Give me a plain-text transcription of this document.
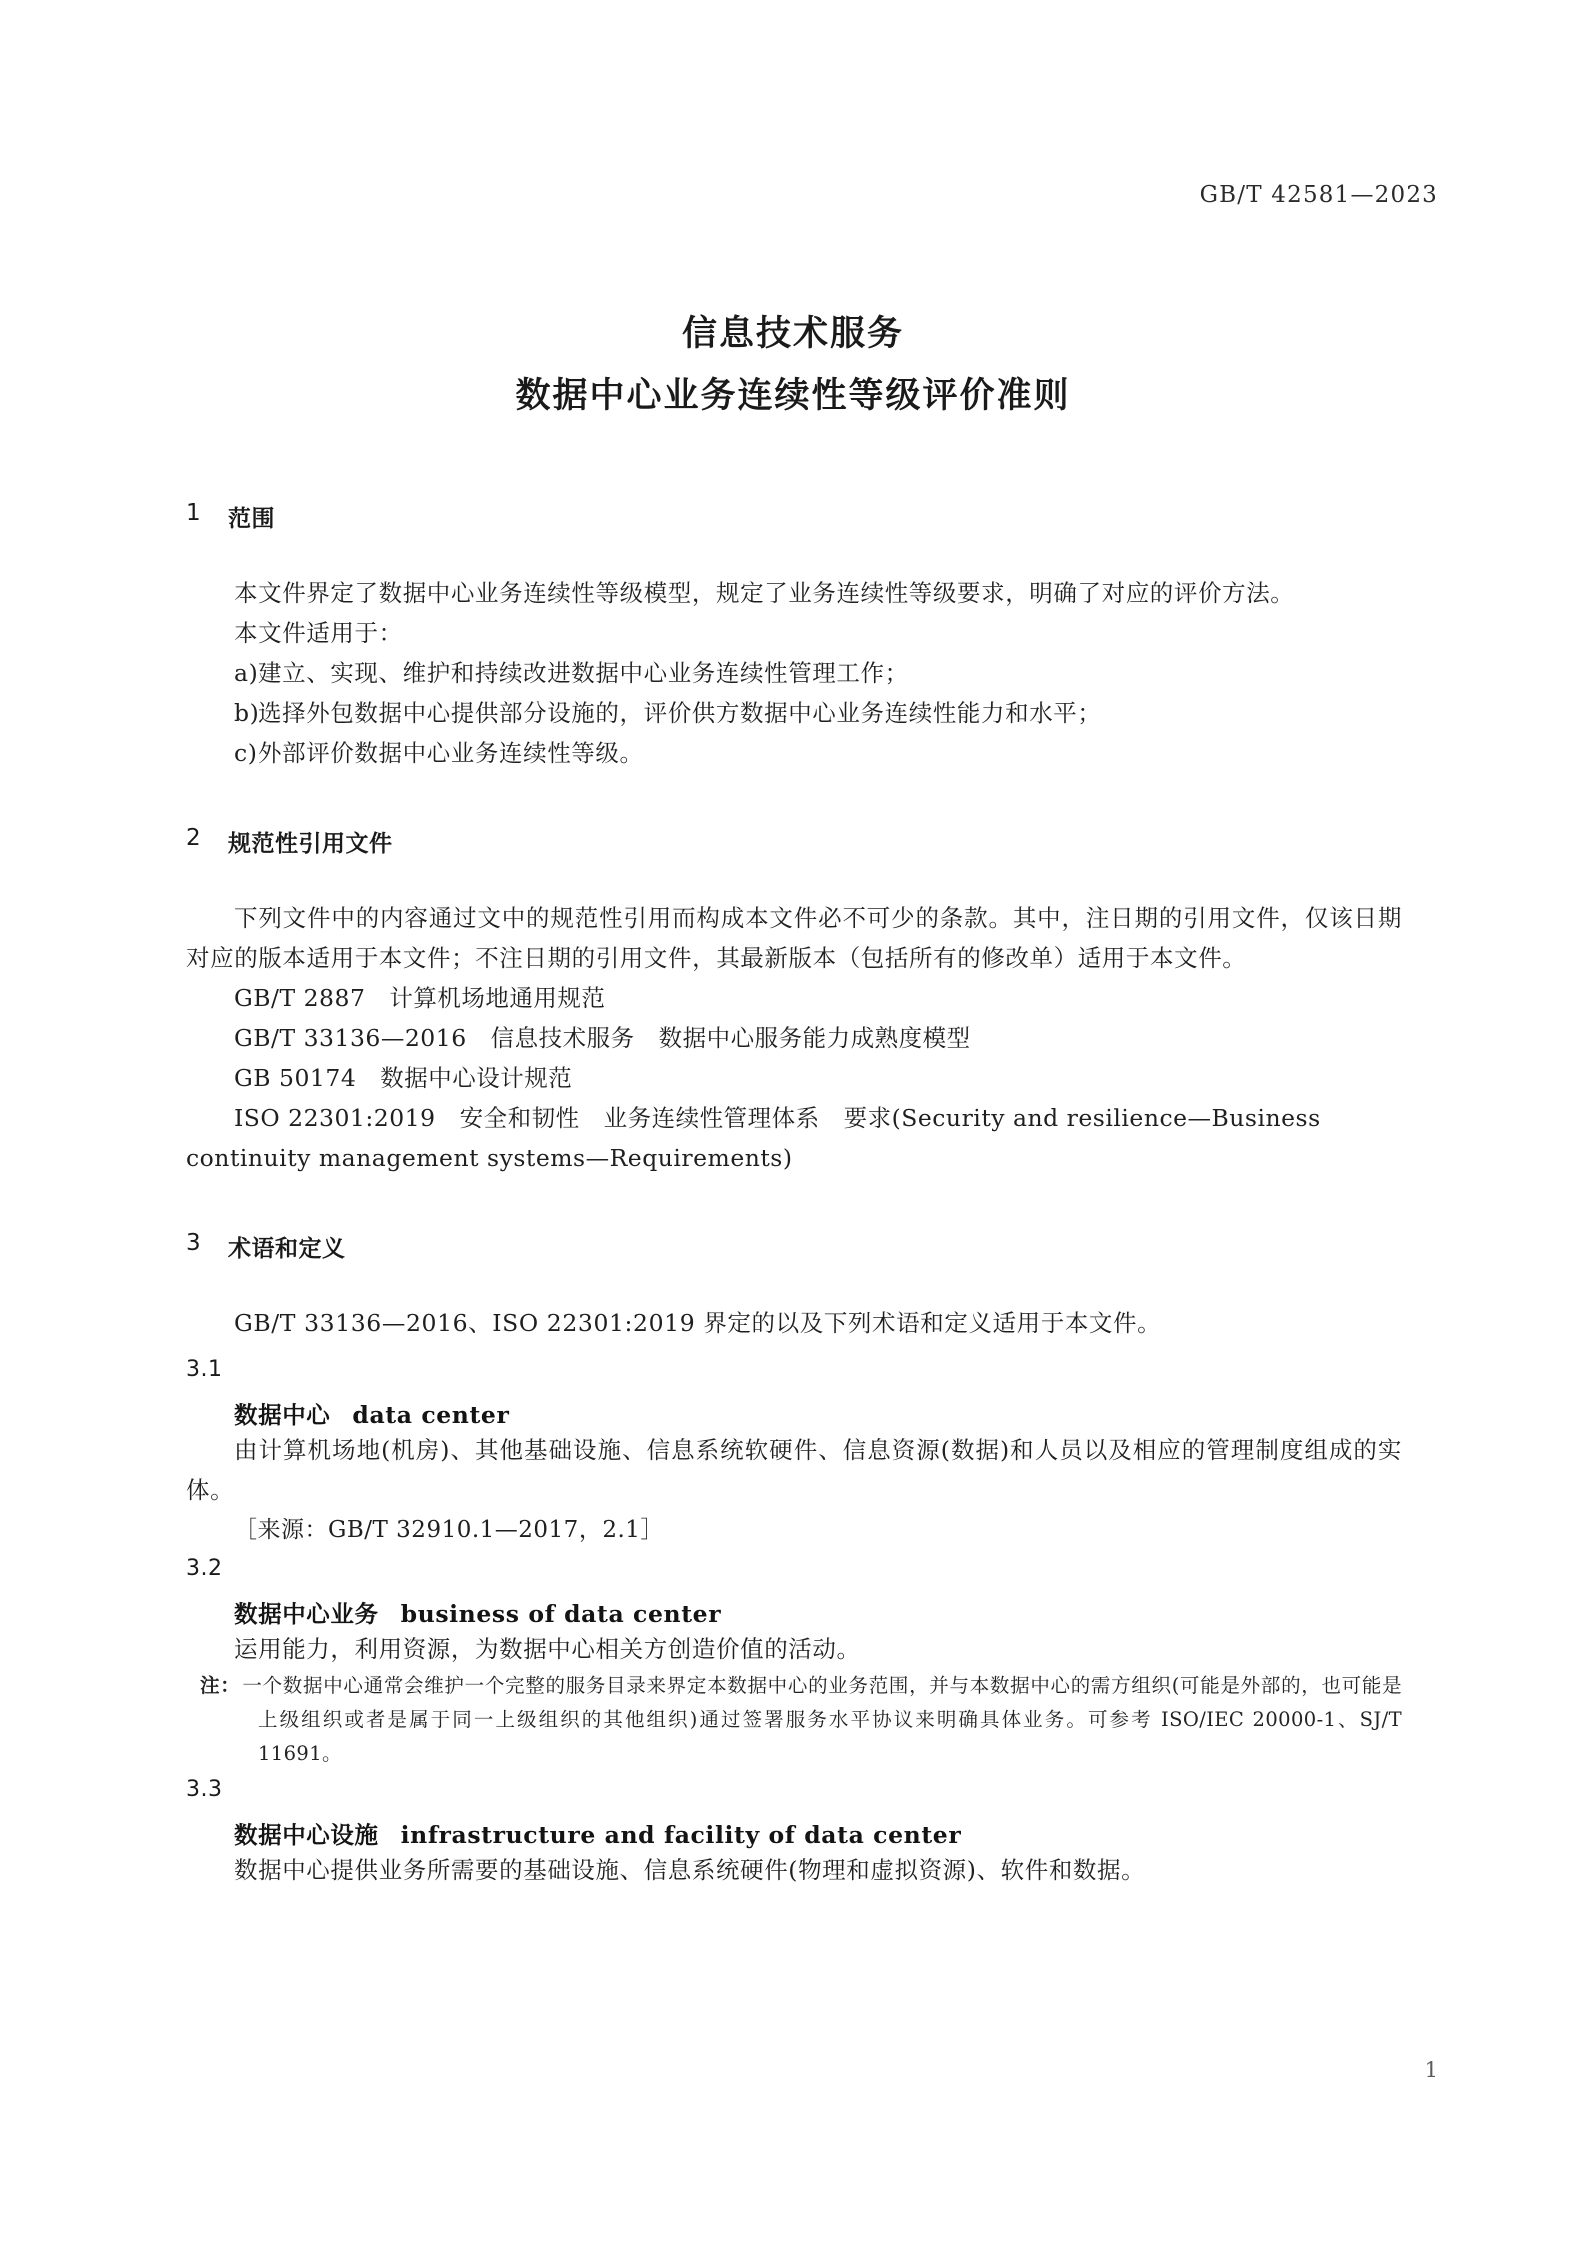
GB/T 42581—2023
信息技术服务
数据中心业务连续性等级评价准则
1	范围

本文件界定了数据中心业务连续性等级模型，规定了业务连续性等级要求，明确了对应的评价方法。

本文件适用于：

a) 建立、实现、维护和持续改进数据中心业务连续性管理工作；
b)
选择外包数据中心提供部分设施的，评价供方数据中心业务连续性能力和水平；
c) 外部评价数据中心业务连续性等级。
2	规范性引用文件

下列文件中的内容通过文中的规范性引用而构成本文件必不可少的条款。其中，注日期的引用文件，仅该日期对应的版本适用于本文件；不注日期的引用文件，其最新版本（包括所有的修改单）适用于本文件。

GB/T 2887 计算机场地通用规范
GB/T 33136—2016 信息技术服务 数据中心服务能力成熟度模型
GB 50174 数据中心设计规范
ISO 22301:2019 安全和韧性 业务连续性管理体系 要求(Security and resilience—Business
continuity management systems—Requirements)
3	术语和定义

GB/T 33136—2016、ISO 22301:2019 界定的以及下列术语和定义适用于本文件。

3.1
数据中心 data center

由计算机场地(机房)、其他基础设施、信息系统软硬件、信息资源(数据)和人员以及相应的管理制度组成的实体。

［来源：GB/T 32910.1—2017，2.1］

3.2
数据中心业务 business of data center

运用能力，利用资源，为数据中心相关方创造价值的活动。

注： 一个数据中心通常会维护一个完整的服务目录来界定本数据中心的业务范围，并与本数据中心的需方组织(可能是外部的，也可能是上级组织或者是属于同一上级组织的其他组织)通过签署服务水平协议来明确具体业务。可参考 ISO/IEC 20000-1、SJ/T 11691。

3.3
数据中心设施 infrastructure and facility of data center

数据中心提供业务所需要的基础设施、信息系统硬件(物理和虚拟资源)、软件和数据。

1
